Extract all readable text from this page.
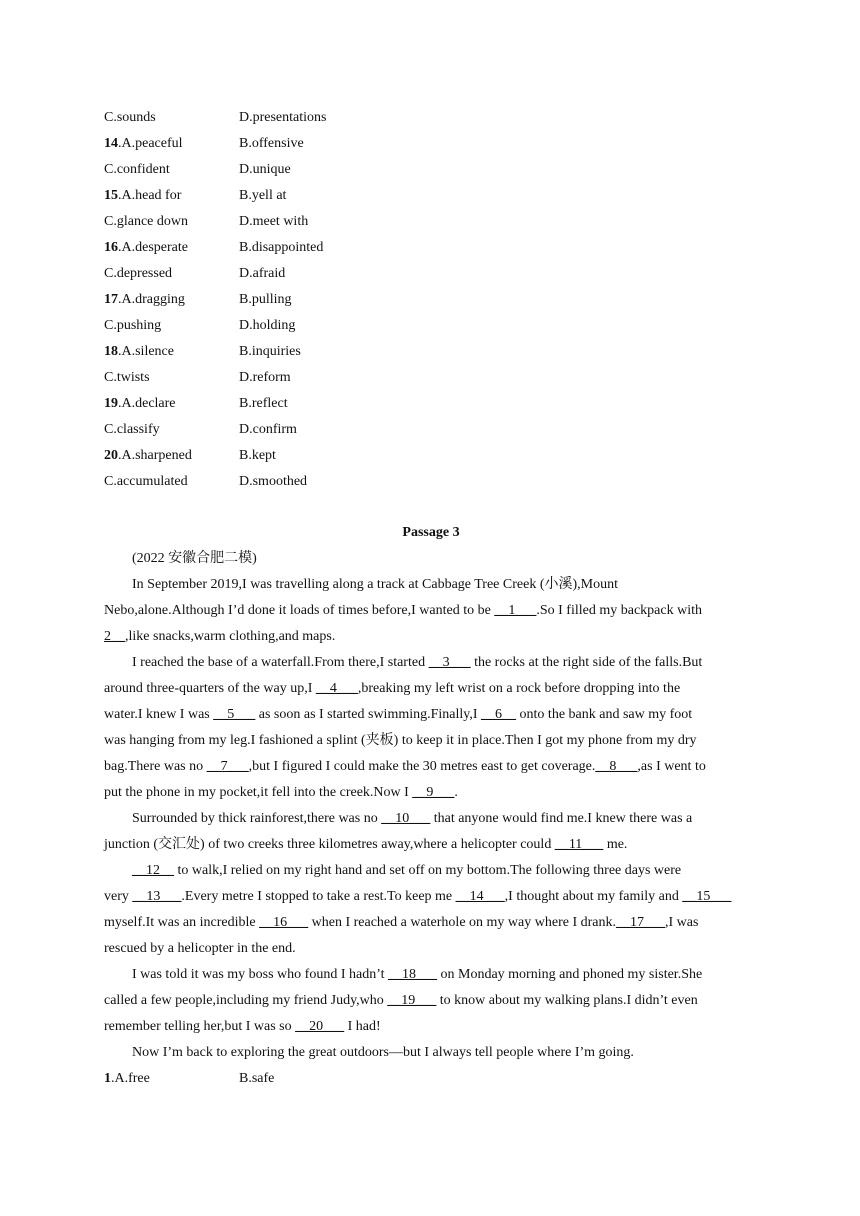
C.sounds	D.presentations
14.A.peaceful	B.offensive
C.confident	D.unique
15.A.head for	B.yell at
C.glance down	D.meet with
16.A.desperate	B.disappointed
C.depressed	D.afraid
17.A.dragging	B.pulling
C.pushing	D.holding
18.A.silence	B.inquiries
C.twists	D.reform
19.A.declare	B.reflect
C.classify	D.confirm
20.A.sharpened	B.kept
C.accumulated	D.smoothed
Passage 3
(2022 安徽合肥二模)
In September 2019,I was travelling along a track at Cabbage Tree Creek (小溪),Mount
Nebo,alone.Although I’d done it loads of times before,I wanted to be __1___.So I filled my backpack with
2__,like snacks,warm clothing,and maps.
I reached the base of a waterfall.From there,I started __3___ the rocks at the right side of the falls.But
around three-quarters of the way up,I __4___,breaking my left wrist on a rock before dropping into the
water.I knew I was __5___ as soon as I started swimming.Finally,I __6__ onto the bank and saw my foot
was hanging from my leg.I fashioned a splint (夹板) to keep it in place.Then I got my phone from my dry
bag.There was no __7___,but I figured I could make the 30 metres east to get coverage.__8___,as I went to
put the phone in my pocket,it fell into the creek.Now I __9___.
Surrounded by thick rainforest,there was no __10___ that anyone would find me.I knew there was a
junction (交汇处) of two creeks three kilometres away,where a helicopter could __11___ me.
__12__ to walk,I relied on my right hand and set off on my bottom.The following three days were
very __13___.Every metre I stopped to take a rest.To keep me __14___,I thought about my family and __15___
myself.It was an incredible __16___ when I reached a waterhole on my way where I drank.__17___,I was
rescued by a helicopter in the end.
I was told it was my boss who found I hadn’t __18___ on Monday morning and phoned my sister.She
called a few people,including my friend Judy,who __19___ to know about my walking plans.I didn’t even
remember telling her,but I was so __20___ I had!
Now I’m back to exploring the great outdoors—but I always tell people where I’m going.
1.A.free	B.safe
